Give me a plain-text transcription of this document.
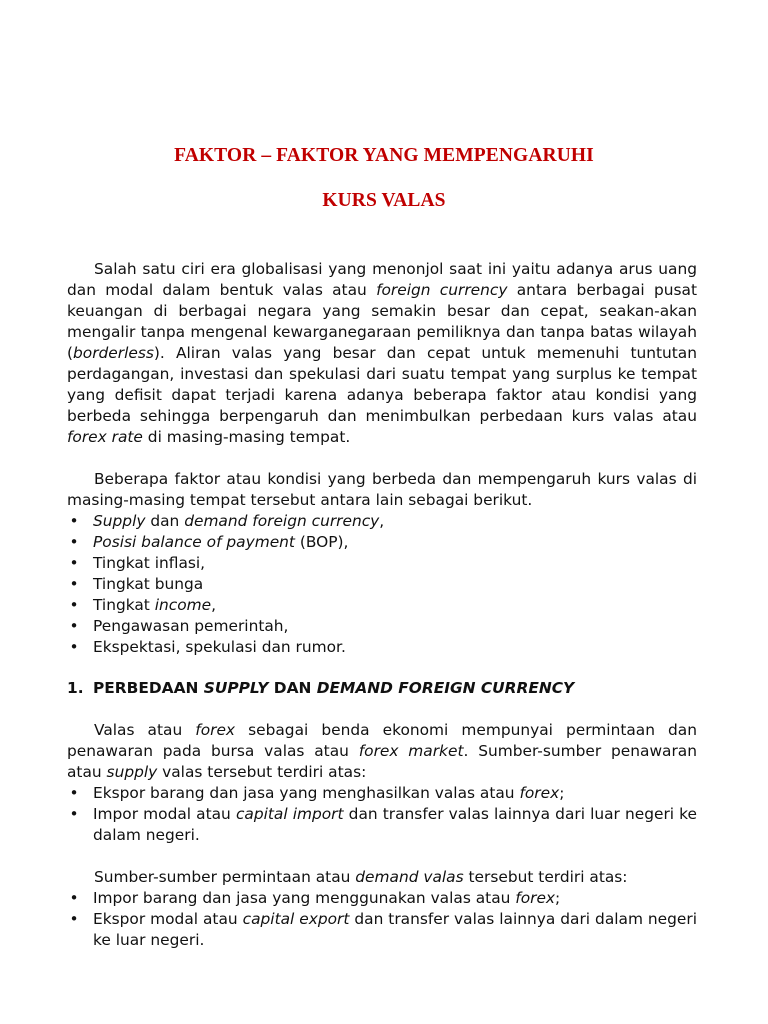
FAKTOR – FAKTOR YANG MEMPENGARUHI
KURS VALAS

Salah satu ciri era globalisasi yang menonjol saat ini yaitu adanya arus uang dan modal dalam bentuk valas atau foreign currency antara berbagai pusat keuangan di berbagai negara yang semakin besar dan cepat, seakan-akan mengalir tanpa mengenal kewarganegaraan pemiliknya dan tanpa batas wilayah (borderless). Aliran valas yang besar dan cepat untuk memenuhi tuntutan perdagangan, investasi dan spekulasi dari suatu tempat yang surplus ke tempat yang defisit dapat terjadi karena adanya beberapa faktor atau kondisi yang berbeda sehingga berpengaruh dan menimbulkan perbedaan kurs valas atau forex rate di masing-masing tempat.

Beberapa faktor atau kondisi yang berbeda dan mempengaruh kurs valas di masing-masing tempat tersebut antara lain sebagai berikut.

• Supply dan demand foreign currency,
• Posisi balance of payment (BOP),
• Tingkat inflasi,
• Tingkat bunga
• Tingkat income,
• Pengawasan pemerintah,
• Ekspektasi, spekulasi dan rumor.

1. PERBEDAAN SUPPLY DAN DEMAND FOREIGN CURRENCY

Valas atau forex sebagai benda ekonomi mempunyai permintaan dan penawaran pada bursa valas atau forex market. Sumber-sumber penawaran atau supply valas tersebut terdiri atas:

• Ekspor barang dan jasa yang menghasilkan valas atau forex;
• Impor modal atau capital import dan transfer valas lainnya dari luar negeri ke dalam negeri.

Sumber-sumber permintaan atau demand valas tersebut terdiri atas:

• Impor barang dan jasa yang menggunakan valas atau forex;
• Ekspor modal atau capital export dan transfer valas lainnya dari dalam negeri ke luar negeri.
